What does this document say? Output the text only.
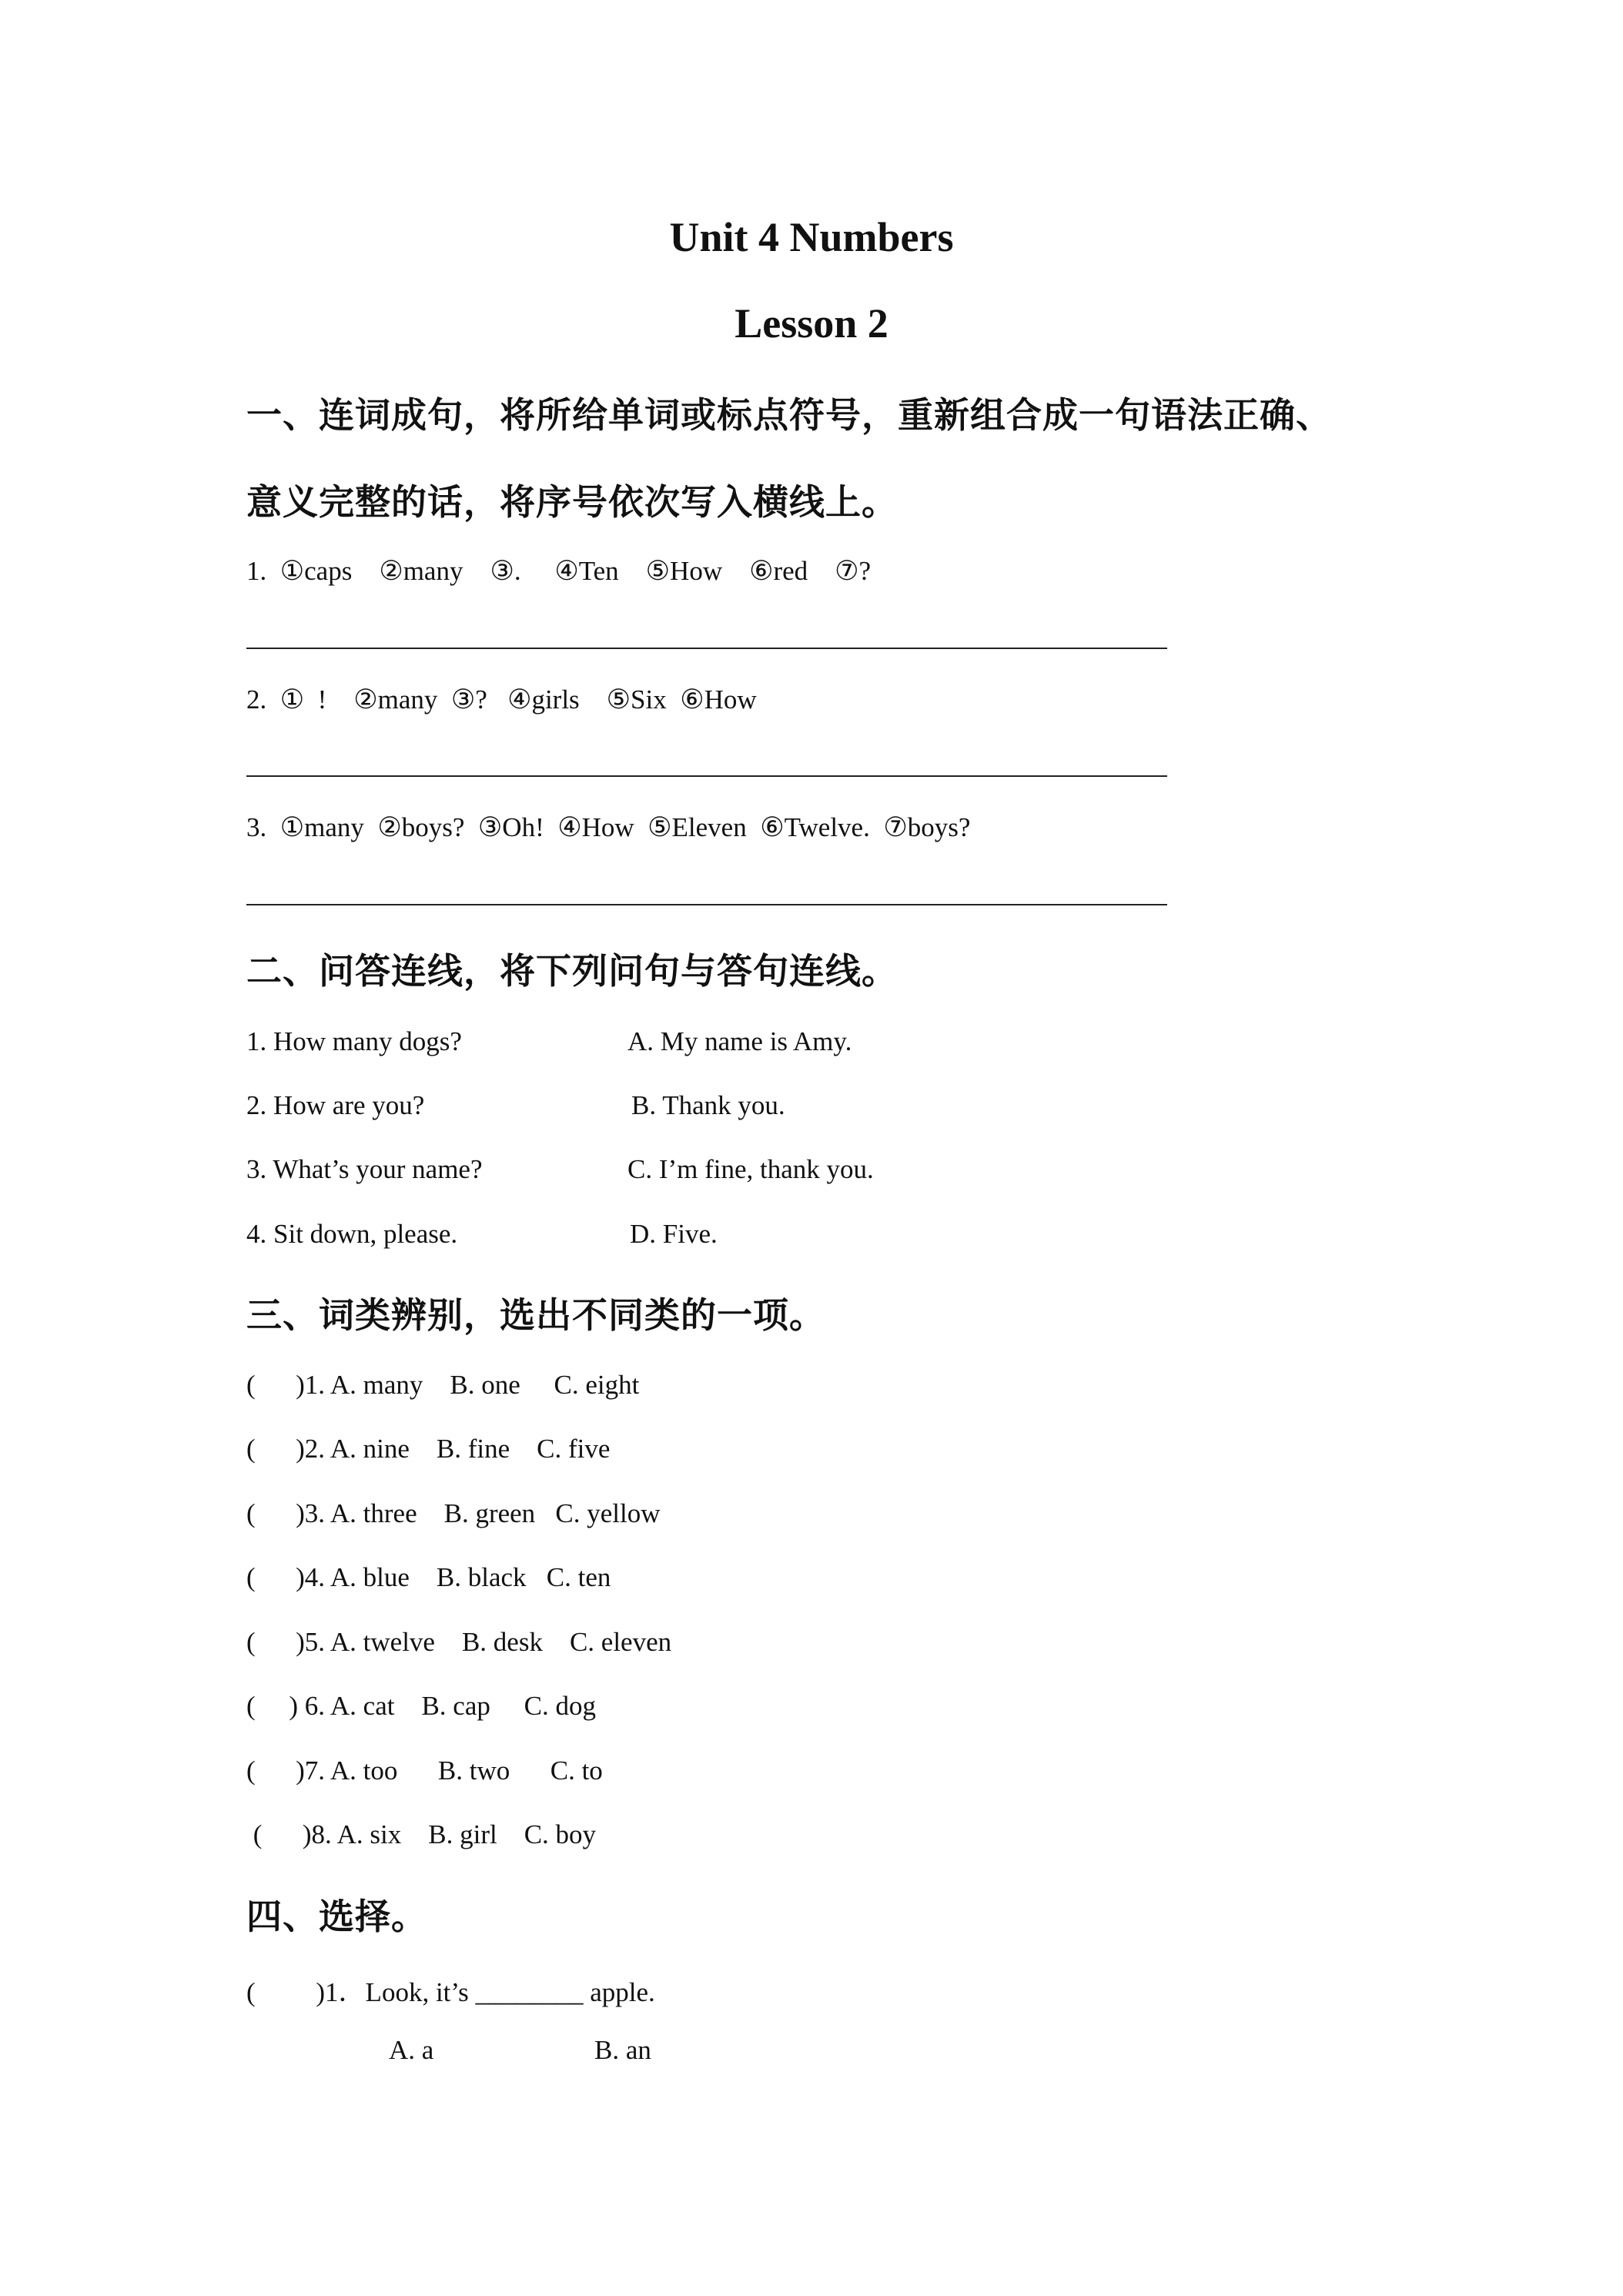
Unit 4 Numbers
Lesson 2
一、连词成句，将所给单词或标点符号，重新组合成一句语法正确、
意义完整的话，将序号依次写入横线上。
1.  ①caps    ②many    ③.     ④Ten    ⑤How    ⑥red    ⑦?
2.  ①  !    ②many  ③?   ④girls    ⑤Six  ⑥How
3.  ①many  ②boys?  ③Oh!  ④How  ⑤Eleven  ⑥Twelve.  ⑦boys?
二、问答连线，将下列问句与答句连线。
1. How many dogs?	A. My name is Amy.
2. How are you?	B. Thank you.
3. What’s your name?	C. I’m fine, thank you.
4. Sit down, please.	D. Five.
三、词类辨别，选出不同类的一项。
(      )1. A. many    B. one     C. eight
(      )2. A. nine    B. fine    C. five
(      )3. A. three    B. green   C. yellow
(      )4. A. blue    B. black   C. ten
(      )5. A. twelve    B. desk    C. eleven
(     ) 6. A. cat    B. cap     C. dog
(      )7. A. too      B. two      C. to
(      )8. A. six    B. girl    C. boy
四、选择。
(         )1．Look, it’s ________ apple.
A. a	B. an
